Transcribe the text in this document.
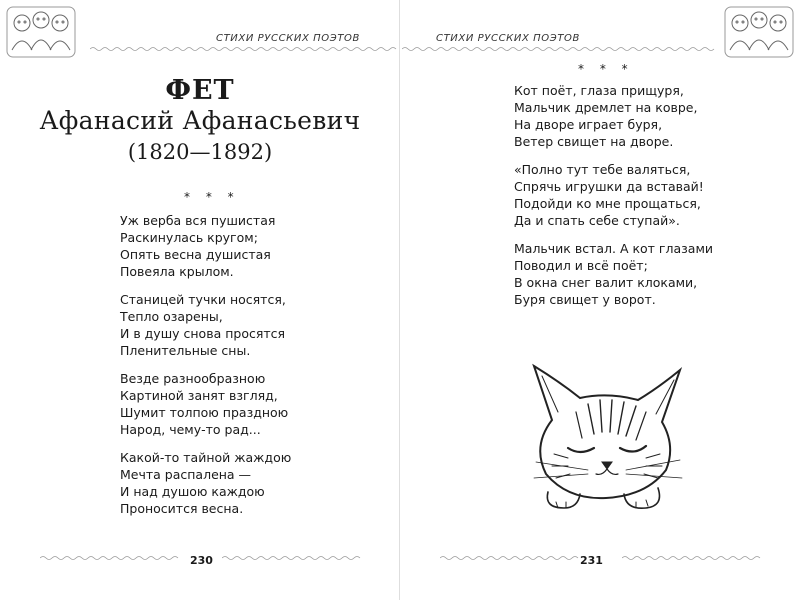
СТИХИ РУССКИХ ПОЭТОВ
ФЕТ
Афанасий Афанасьевич
(1820—1892)
* * *
Уж верба вся пушистая
Раскинулась кругом;
Опять весна душистая
Повеяла крылом.
Станицей тучки носятся,
Тепло озарены,
И в душу снова просятся
Пленительные сны.
Везде разнообразною
Картиной занят взгляд,
Шумит толпою праздною
Народ, чему-то рад...
Какой-то тайной жаждою
Мечта распалена —
И над душою каждою
Проносится весна.
230
СТИХИ РУССКИХ ПОЭТОВ
* * *
Кот поёт, глаза прищуря,
Мальчик дремлет на ковре,
На дворе играет буря,
Ветер свищет на дворе.
«Полно тут тебе валяться,
Спрячь игрушки да вставай!
Подойди ко мне прощаться,
Да и спать себе ступай».
Мальчик встал. А кот глазами
Поводил и всё поёт;
В окна снег валит клоками,
Буря свищет у ворот.
231
